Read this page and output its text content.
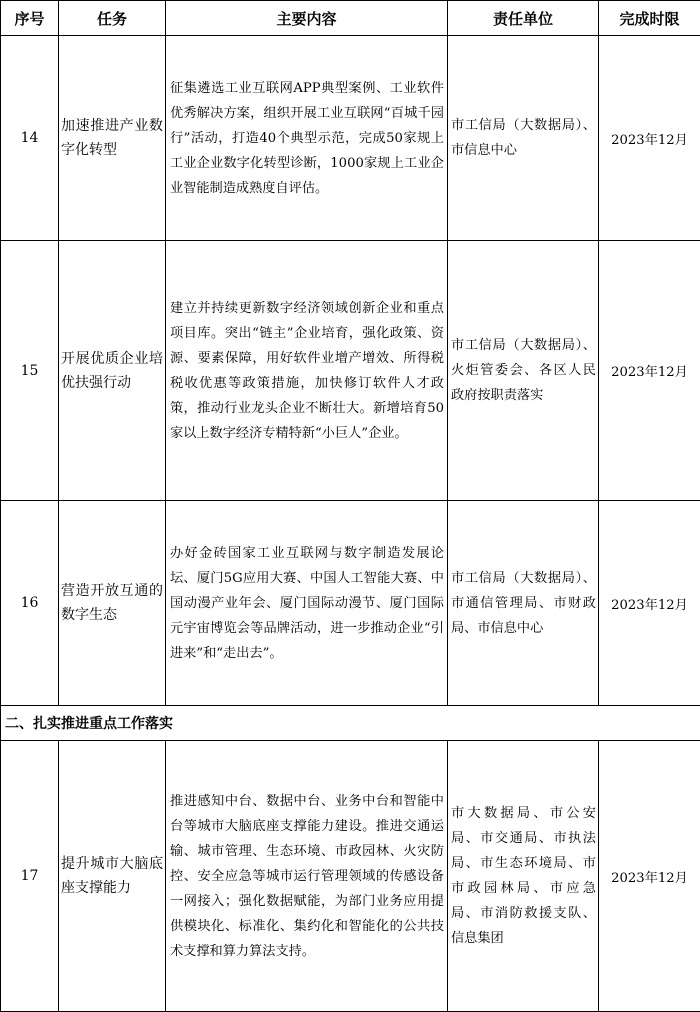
序号	任务	主要内容	责任单位	完成时限
14	加速推进产业数字化转型	征集遴选工业互联网APP典型案例、工业软件优秀解决方案，组织开展工业互联网“百城千园行”活动，打造40个典型示范，完成50家规上工业企业数字化转型诊断，1000家规上工业企业智能制造成熟度自评估。	市工信局（大数据局）、市信息中心	2023年12月
15	开展优质企业培优扶强行动	建立并持续更新数字经济领域创新企业和重点项目库。突出“链主”企业培育，强化政策、资源、要素保障，用好软件业增产增效、所得税税收优惠等政策措施，加快修订软件人才政策，推动行业龙头企业不断壮大。新增培育50家以上数字经济专精特新“小巨人”企业。	市工信局（大数据局）、火炬管委会、各区人民政府按职责落实	2023年12月
16	营造开放互通的数字生态	办好金砖国家工业互联网与数字制造发展论坛、厦门5G应用大赛、中国人工智能大赛、中国动漫产业年会、厦门国际动漫节、厦门国际元宇宙博览会等品牌活动，进一步推动企业“引进来”和“走出去”。	市工信局（大数据局）、市通信管理局、市财政局、市信息中心	2023年12月
二、扎实推进重点工作落实				
17	提升城市大脑底座支撑能力	推进感知中台、数据中台、业务中台和智能中台等城市大脑底座支撑能力建设。推进交通运输、城市管理、生态环境、市政园林、火灾防控、安全应急等城市运行管理领域的传感设备一网接入；强化数据赋能，为部门业务应用提供模块化、标准化、集约化和智能化的公共技术支撑和算力算法支持。	市大数据局、市公安局、市交通局、市执法局、市生态环境局、市市政园林局、市应急局、市消防救援支队、信息集团	2023年12月
